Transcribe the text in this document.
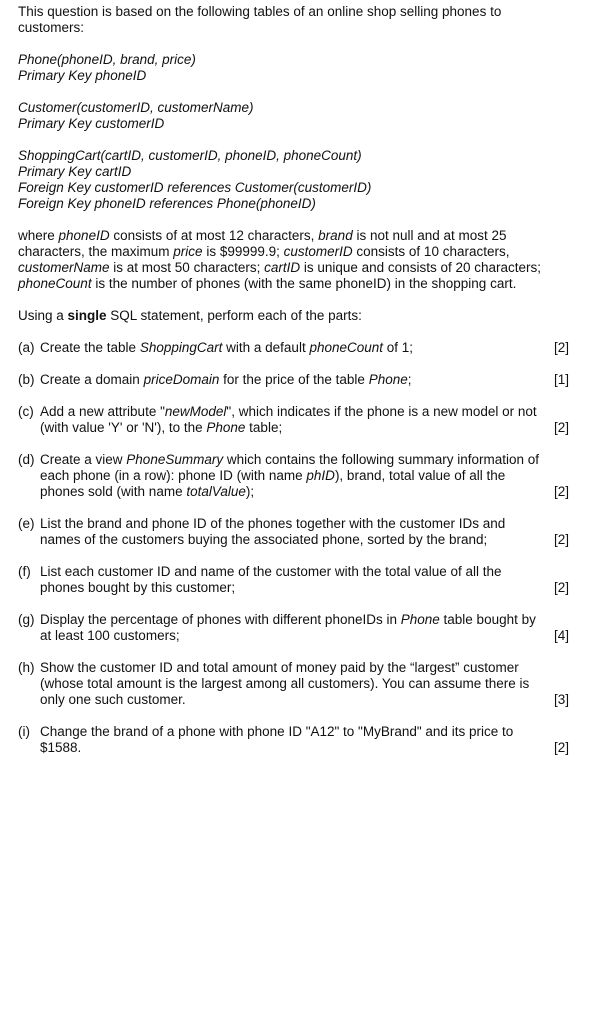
This question is based on the following tables of an online shop selling phones to customers:

Phone(phoneID, brand, price)

Primary Key phoneID

Customer(customerID, customerName)

Primary Key customerID

ShoppingCart(cartID, customerID, phoneID, phoneCount)

Primary Key cartID

Foreign Key customerID references Customer(customerID)

Foreign Key phoneID references Phone(phoneID)

where phoneID consists of at most 12 characters, brand is not null and at most 25 characters, the maximum price is $99999.9; customerID consists of 10 characters, customerName is at most 50 characters; cartID is unique and consists of 20 characters; phoneCount is the number of phones (with the same phoneID) in the shopping cart.

Using a single SQL statement, perform each of the parts:

(a) Create the table ShoppingCart with a default phoneCount of 1;	[2]
(b) Create a domain priceDomain for the price of the table Phone;	[1]
(c) Add a new attribute "newModel", which indicates if the phone is a new model or not (with value 'Y' or 'N'), to the Phone table;	[2]
(d) Create a view PhoneSummary which contains the following summary information of each phone (in a row): phone ID (with name phID), brand, total value of all the phones sold (with name totalValue);	[2]
(e) List the brand and phone ID of the phones together with the customer IDs and names of the customers buying the associated phone, sorted by the brand;	[2]
(f) List each customer ID and name of the customer with the total value of all the phones bought by this customer;	[2]
(g) Display the percentage of phones with different phoneIDs in Phone table bought by at least 100 customers;	[4]
(h) Show the customer ID and total amount of money paid by the “largest” customer (whose total amount is the largest among all customers). You can assume there is only one such customer.	[3]
(i) Change the brand of a phone with phone ID "A12" to "MyBrand" and its price to $1588.	[2]
